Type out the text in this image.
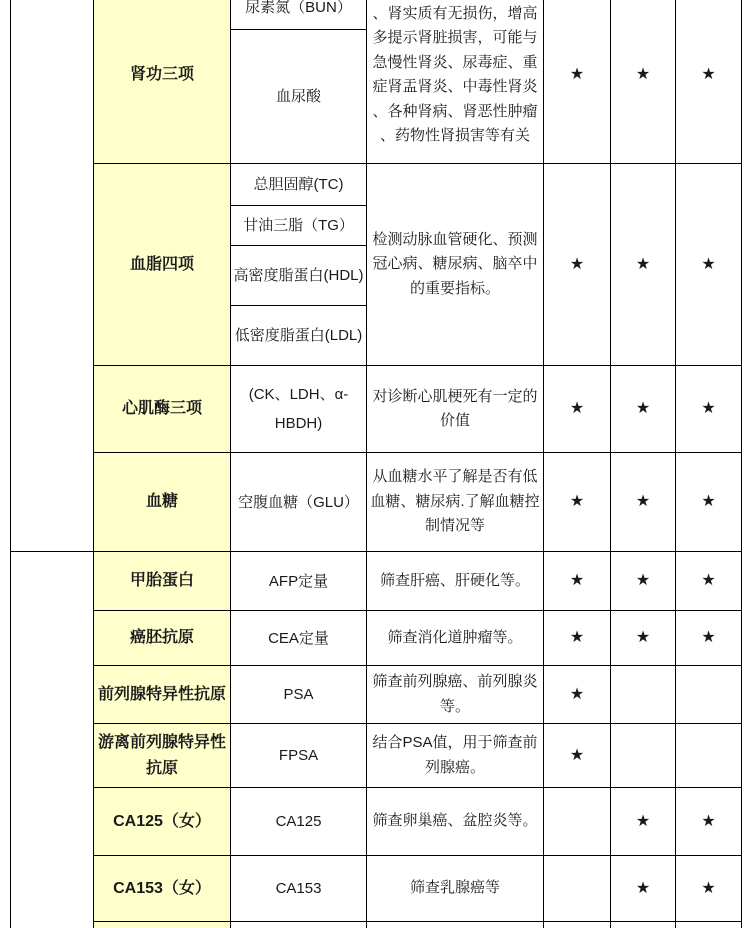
	肾功三项	尿素氮（BUN）	、肾实质有无损伤，增高多提示肾脏损害，可能与急慢性肾炎、尿毒症、重症肾盂肾炎、中毒性肾炎、各种肾病、肾恶性肿瘤、药物性肾损害等有关	★	★	★
		血尿酸				
	血脂四项	总胆固醇(TC)	检测动脉血管硬化、预测冠心病、糖尿病、脑卒中的重要指标。	★	★	★
		甘油三脂（TG）				
		高密度脂蛋白(HDL)				
		低密度脂蛋白(LDL)				
	心肌酶三项	(CK、LDH、α-HBDH)	对诊断心肌梗死有一定的价值	★	★	★
	血糖	空腹血糖（GLU）	从血糖水平了解是否有低血糖、糖尿病.了解血糖控制情况等	★	★	★
	甲胎蛋白	AFP定量	筛查肝癌、肝硬化等。	★	★	★
	癌胚抗原	CEA定量	筛查消化道肿瘤等。	★	★	★
	前列腺特异性抗原	PSA	筛查前列腺癌、前列腺炎等。	★		
	游离前列腺特异性抗原	FPSA	结合PSA值，用于筛查前列腺癌。	★		
	CA125（女）	CA125	筛查卵巢癌、盆腔炎等。		★	★
	CA153（女）	CA153	筛查乳腺癌等		★	★
